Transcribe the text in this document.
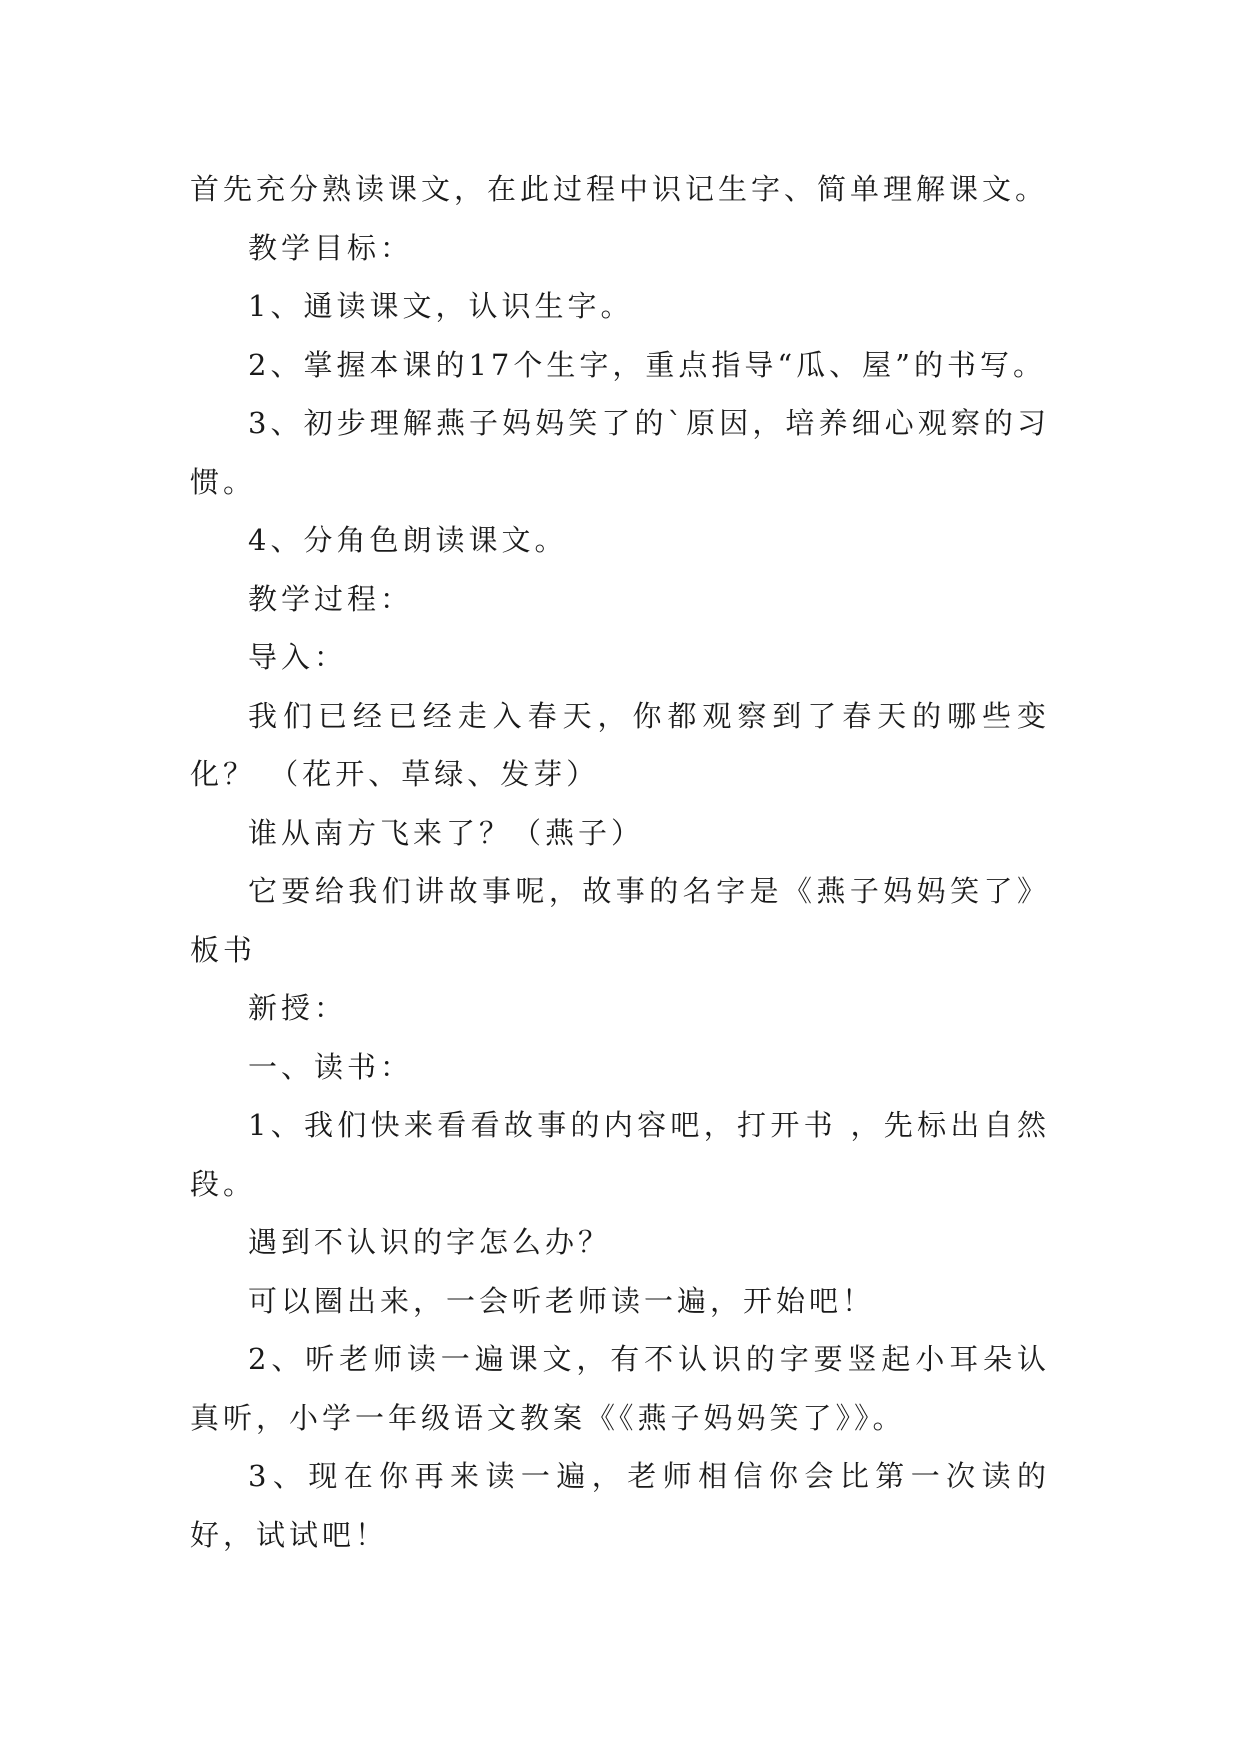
首先充分熟读课文，在此过程中识记生字、简单理解课文。

教学目标：

1、通读课文，认识生字。

2、掌握本课的17个生字，重点指导“瓜、屋”的书写。

3、初步理解燕子妈妈笑了的`原因，培养细心观察的习惯。

4、分角色朗读课文。

教学过程：

导入：

我们已经已经走入春天，你都观察到了春天的哪些变化？ （花开、草绿、发芽）

谁从南方飞来了？（燕子）

它要给我们讲故事呢，故事的名字是《燕子妈妈笑了》板书

新授：

一、读书：

1、我们快来看看故事的内容吧，打开书 ，先标出自然段。

遇到不认识的字怎么办？

可以圈出来，一会听老师读一遍，开始吧！

2、听老师读一遍课文，有不认识的字要竖起小耳朵认真听，小学一年级语文教案《《燕子妈妈笑了》》。

3、现在你再来读一遍，老师相信你会比第一次读的好，试试吧！
